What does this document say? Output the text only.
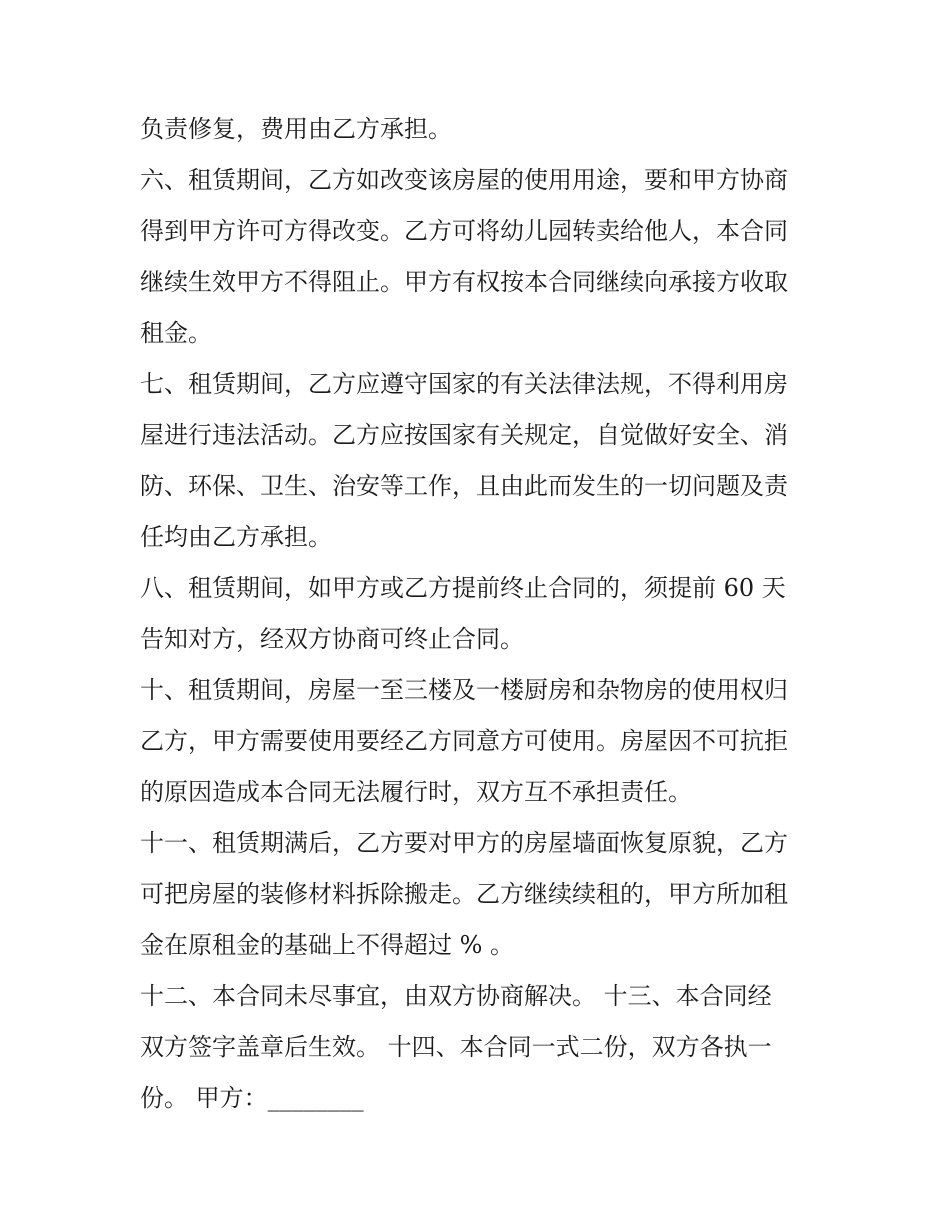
负责修复，费用由乙方承担。
六、租赁期间，乙方如改变该房屋的使用用途，要和甲方协商
得到甲方许可方得改变。乙方可将幼儿园转卖给他人，本合同
继续生效甲方不得阻止。甲方有权按本合同继续向承接方收取
租金。
七、租赁期间，乙方应遵守国家的有关法律法规，不得利用房
屋进行违法活动。乙方应按国家有关规定，自觉做好安全、消
防、环保、卫生、治安等工作，且由此而发生的一切问题及责
任均由乙方承担。
八、租赁期间，如甲方或乙方提前终止合同的，须提前 60 天
告知对方，经双方协商可终止合同。
十、租赁期间，房屋一至三楼及一楼厨房和杂物房的使用权归
乙方，甲方需要使用要经乙方同意方可使用。房屋因不可抗拒
的原因造成本合同无法履行时，双方互不承担责任。
十一、租赁期满后，乙方要对甲方的房屋墙面恢复原貌，乙方
可把房屋的装修材料拆除搬走。乙方继续续租的，甲方所加租
金在原租金的基础上不得超过 % 。
十二、本合同未尽事宜，由双方协商解决。 十三、本合同经
双方签字盖章后生效。 十四、本合同一式二份，双方各执一
份。 甲方：________
